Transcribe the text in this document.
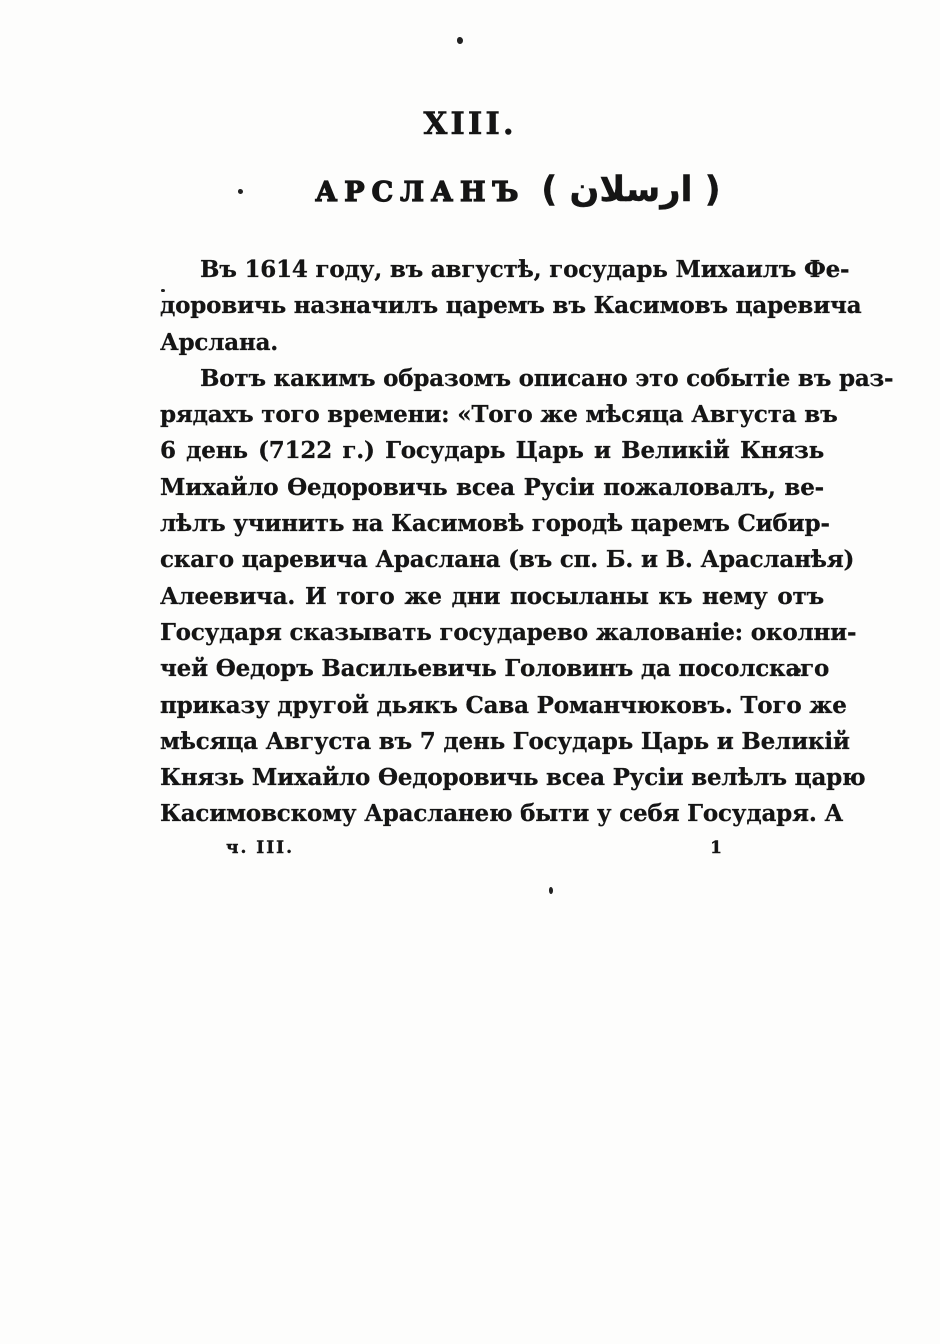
XIII.
АРСЛАНЪ ( ارسلان )
Въ 1614 году, въ августѣ, государь Михаилъ Фе-
доровичь назначилъ царемъ въ Касимовъ царевича
Арслана.
Вотъ какимъ образомъ описано это событіе въ раз-
рядахъ того времени: «Того же мѣсяца Августа въ
6 день (7122 г.) Государь Царь и Великій Князь
Михайло Ѳедоровичь всеа Русіи пожаловалъ, ве-
лѣлъ учинить на Касимовѣ городѣ царемъ Сибир-
скаго царевича Араслана (въ сп. Б. и В. Арасланѣя)
Алеевича. И того же дни посыланы къ нему отъ
Государя сказывать государево жалованіе: околни-
чей Ѳедоръ Васильевичь Головинъ да посолскаго
приказу другой дьякъ Сава Романчюковъ. Того же
мѣсяца Августа въ 7 день Государь Царь и Великій
Князь Михайло Ѳедоровичь всеа Русіи велѣлъ царю
Касимовскому Арасланею быти у себя Государя. А
ч. III.	1
